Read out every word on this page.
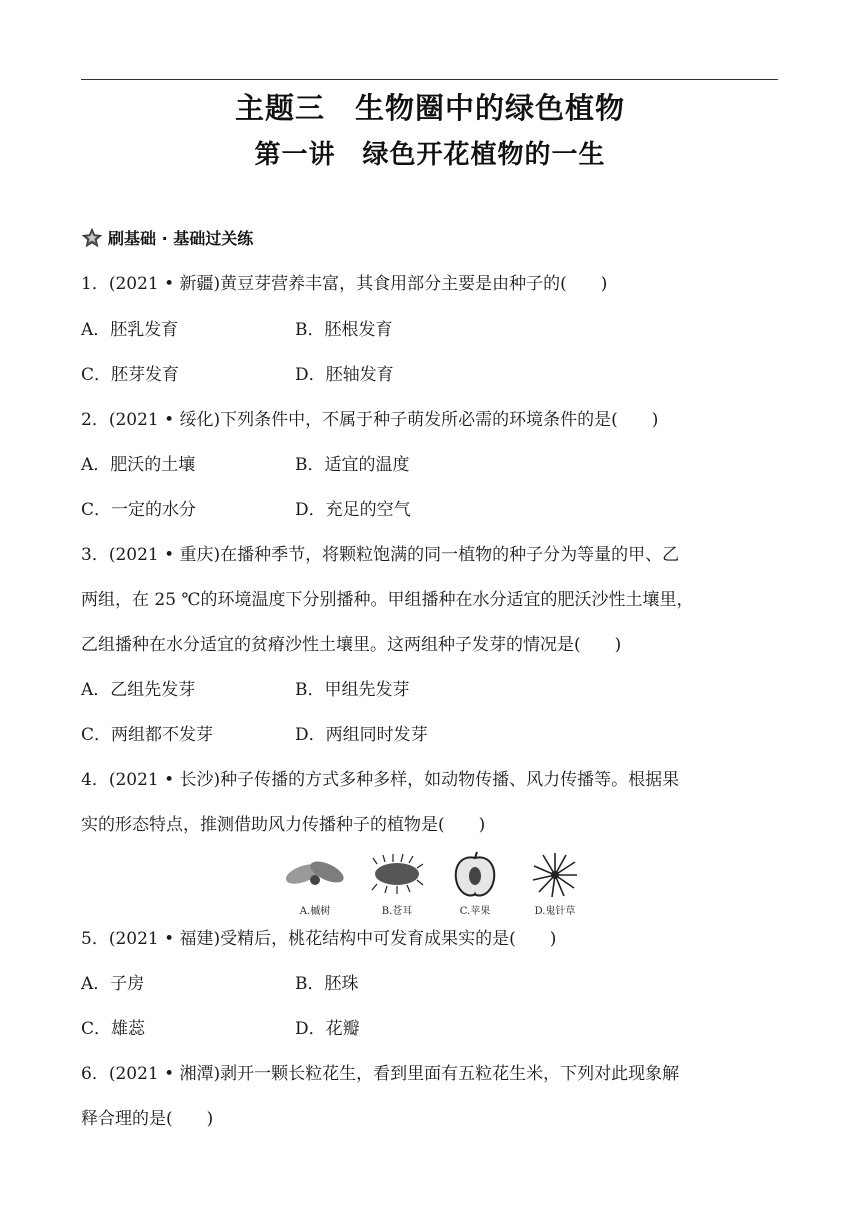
主题三　生物圈中的绿色植物
第一讲　绿色开花植物的一生
刷基础 · 基础过关练
1．(2021 • 新疆)黄豆芽营养丰富，其食用部分主要是由种子的(　　)
A．胚乳发育	B．胚根发育
C．胚芽发育	D．胚轴发育
2．(2021 • 绥化)下列条件中，不属于种子萌发所必需的环境条件的是(　　)
A．肥沃的土壤	B．适宜的温度
C．一定的水分	D．充足的空气
3．(2021 • 重庆)在播种季节，将颗粒饱满的同一植物的种子分为等量的甲、乙
两组，在 25 ℃的环境温度下分别播种。甲组播种在水分适宜的肥沃沙性土壤里，
乙组播种在水分适宜的贫瘠沙性土壤里。这两组种子发芽的情况是(　　)
A．乙组先发芽	B．甲组先发芽
C．两组都不发芽	D．两组同时发芽
4．(2021 • 长沙)种子传播的方式多种多样，如动物传播、风力传播等。根据果
实的形态特点，推测借助风力传播种子的植物是(　　)
A.槭树	B.苍耳	C.苹果	D.鬼针草
5．(2021 • 福建)受精后，桃花结构中可发育成果实的是(　　)
A．子房	B．胚珠
C．雄蕊	D．花瓣
6．(2021 • 湘潭)剥开一颗长粒花生，看到里面有五粒花生米，下列对此现象解
释合理的是(　　)
